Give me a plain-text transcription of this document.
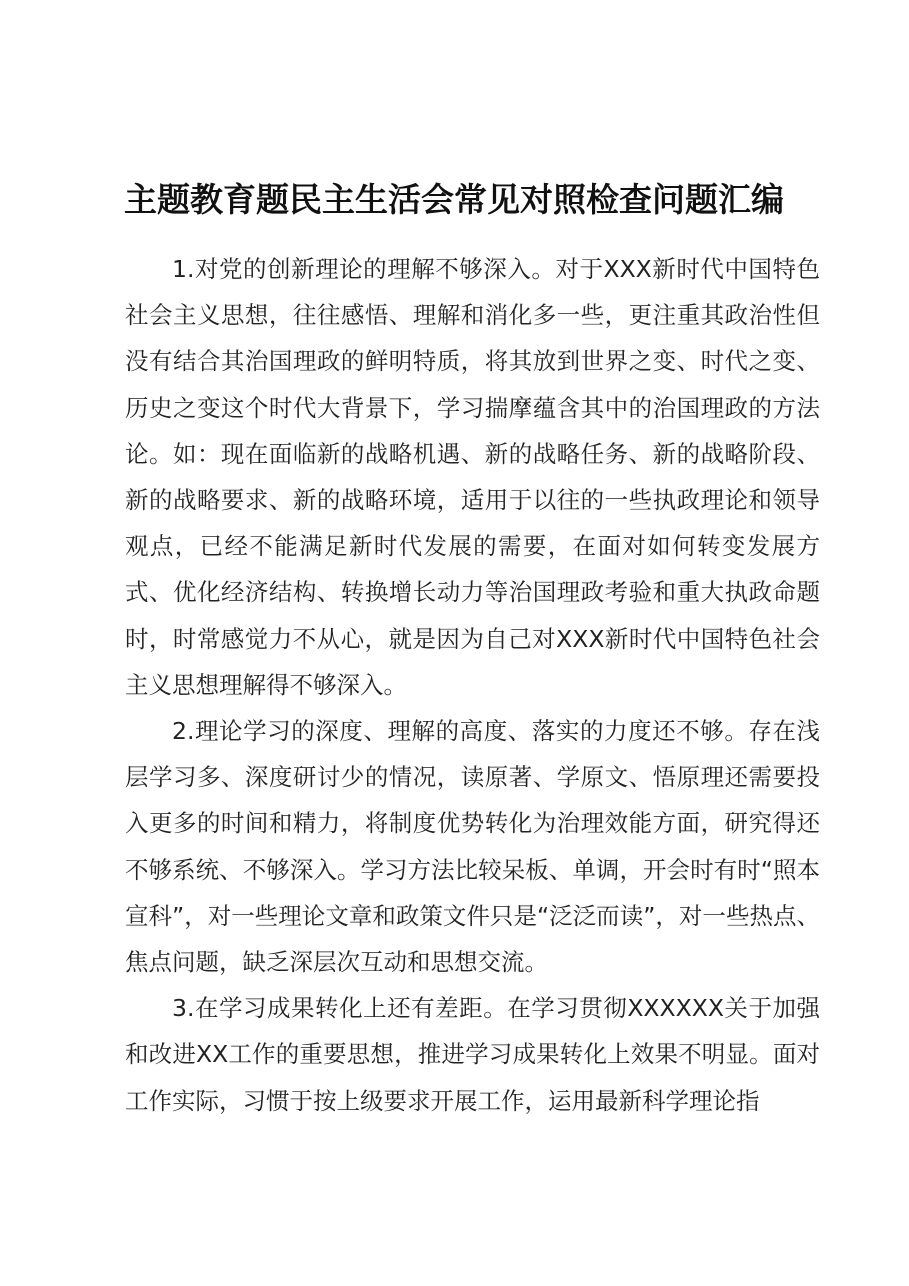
主题教育题民主生活会常见对照检查问题汇编

1.对党的创新理论的理解不够深入。对于XXX新时代中国特色社会主义思想，往往感悟、理解和消化多一些，更注重其政治性但没有结合其治国理政的鲜明特质，将其放到世界之变、时代之变、历史之变这个时代大背景下，学习揣摩蕴含其中的治国理政的方法论。如：现在面临新的战略机遇、新的战略任务、新的战略阶段、新的战略要求、新的战略环境，适用于以往的一些执政理论和领导观点，已经不能满足新时代发展的需要，在面对如何转变发展方式、优化经济结构、转换增长动力等治国理政考验和重大执政命题时，时常感觉力不从心，就是因为自己对XXX新时代中国特色社会主义思想理解得不够深入。

2.理论学习的深度、理解的高度、落实的力度还不够。存在浅层学习多、深度研讨少的情况，读原著、学原文、悟原理还需要投入更多的时间和精力，将制度优势转化为治理效能方面，研究得还不够系统、不够深入。学习方法比较呆板、单调，开会时有时“照本宣科”，对一些理论文章和政策文件只是“泛泛而读”，对一些热点、焦点问题，缺乏深层次互动和思想交流。

3.在学习成果转化上还有差距。在学习贯彻XXXXXX关于加强和改进XX工作的重要思想，推进学习成果转化上效果不明显。面对工作实际，习惯于按上级要求开展工作，运用最新科学理论指
